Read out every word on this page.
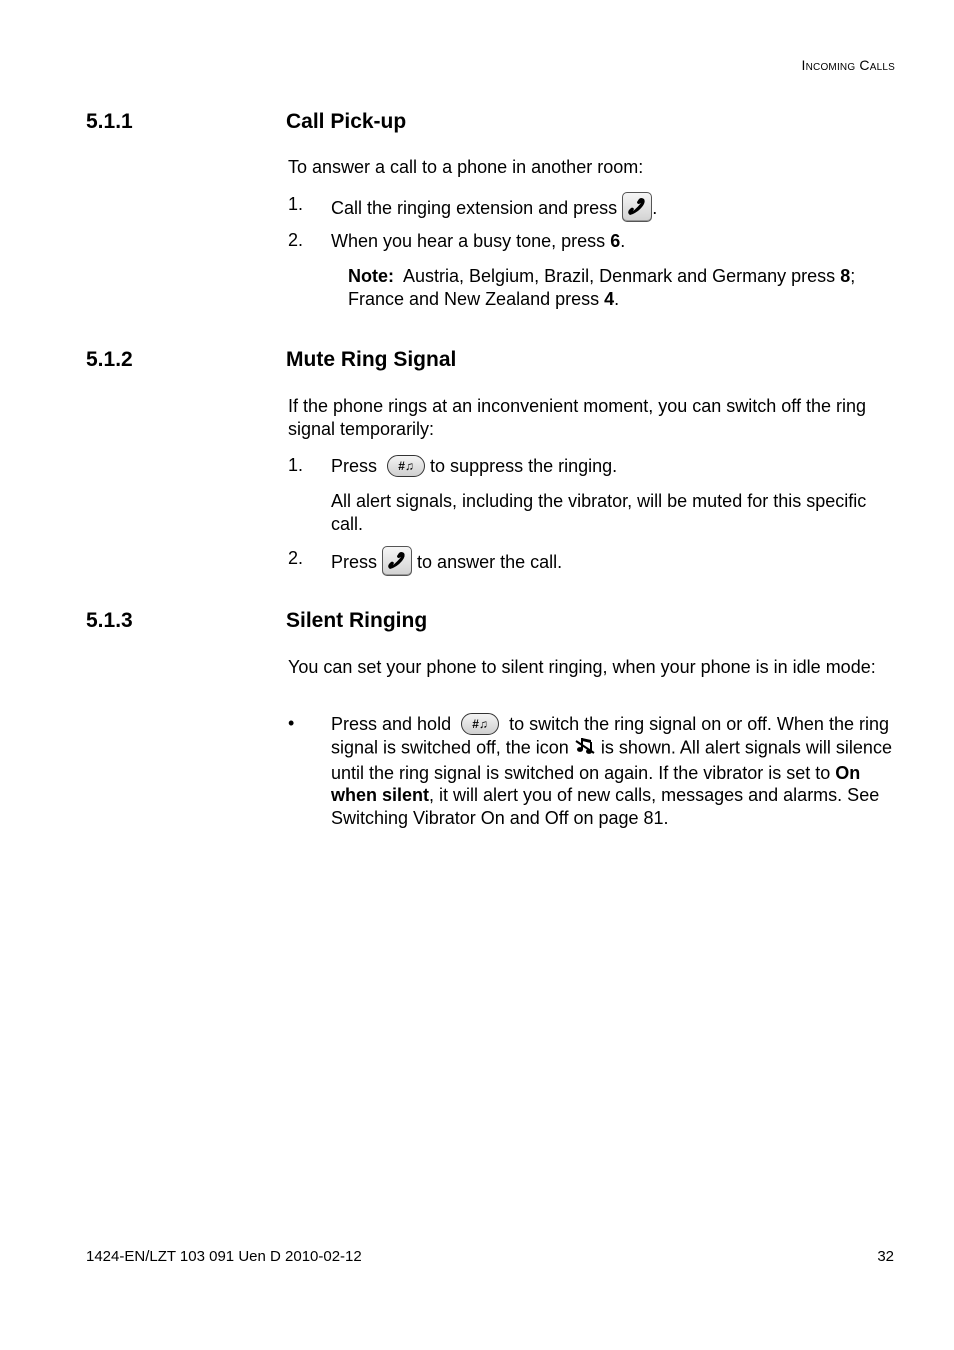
Incoming Calls
5.1.1	Call Pick-up
To answer a call to a phone in another room:
1. Call the ringing extension and press .
2. When you hear a busy tone, press 6.
Note: Austria, Belgium, Brazil, Denmark and Germany press 8; France and New Zealand press 4.
5.1.2	Mute Ring Signal
If the phone rings at an inconvenient moment, you can switch off the ring signal temporarily:
1. Press #♫ to suppress the ringing.
All alert signals, including the vibrator, will be muted for this specific call.
2. Press to answer the call.
5.1.3	Silent Ringing
You can set your phone to silent ringing, when your phone is in idle mode:
• Press and hold #♫ to switch the ring signal on or off. When the ring signal is switched off, the icon is shown. All alert signals will silence until the ring signal is switched on again. If the vibrator is set to On when silent, it will alert you of new calls, messages and alarms. See Switching Vibrator On and Off on page 81.
1424-EN/LZT 103 091 Uen D 2010-02-12	32
